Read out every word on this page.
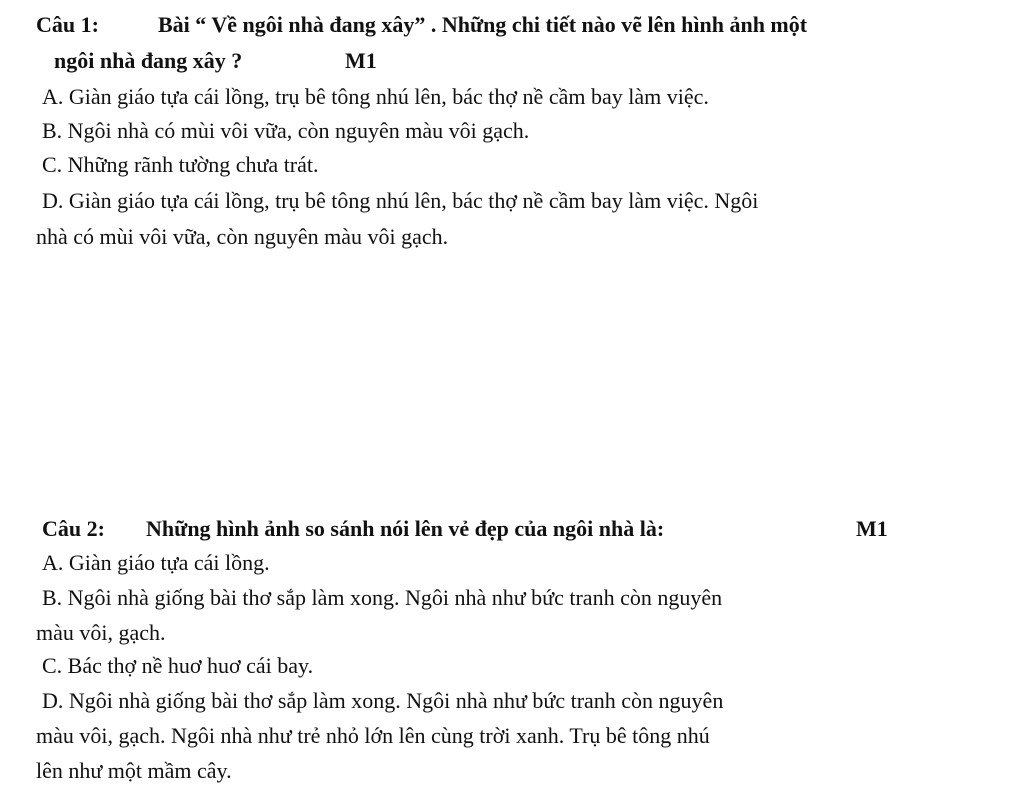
Câu 1:	Bài “ Về ngôi nhà đang xây” . Những chi tiết nào vẽ lên hình ảnh một
ngôi nhà đang xây ?	M1
A. Giàn giáo tựa cái lồng, trụ bê tông nhú lên, bác thợ nề cầm bay làm việc.
B. Ngôi nhà có mùi vôi vữa, còn nguyên màu vôi gạch.
C. Những rãnh tường chưa trát.
D. Giàn giáo tựa cái lồng, trụ bê tông nhú lên, bác thợ nề cầm bay làm việc. Ngôi
nhà có mùi vôi vữa, còn nguyên màu vôi gạch.
Câu 2: Những hình ảnh so sánh nói lên vẻ đẹp của ngôi nhà là:	M1
A. Giàn giáo tựa cái lồng.
B. Ngôi nhà giống bài thơ sắp làm xong. Ngôi nhà như bức tranh còn nguyên
màu vôi, gạch.
C. Bác thợ nề huơ huơ cái bay.
D. Ngôi nhà giống bài thơ sắp làm xong. Ngôi nhà như bức tranh còn nguyên
màu vôi, gạch. Ngôi nhà như trẻ nhỏ lớn lên cùng trời xanh. Trụ bê tông nhú
lên như một mầm cây.
